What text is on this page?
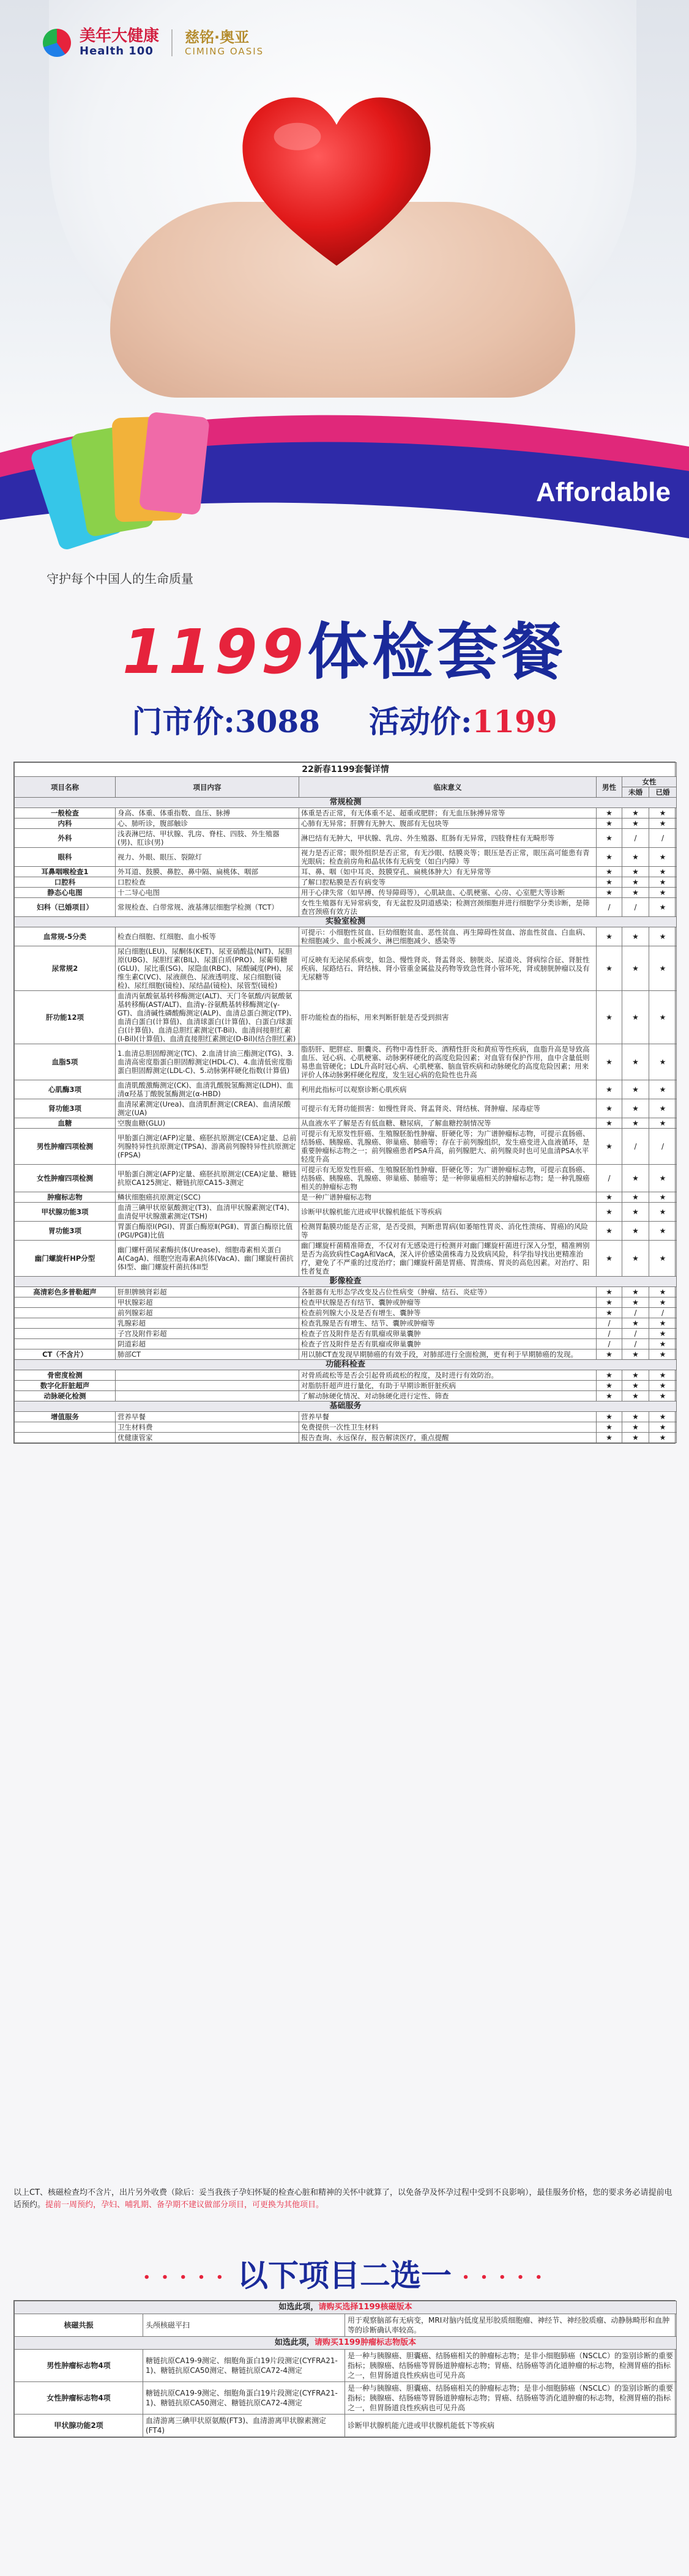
Affordable
美年大健康
Health 100
慈铭·奥亚
CIMING OASIS
守护每个中国人的生命质量
1199体检套餐
门市价:3088 活动价:1199
22新春1199套餐详情					
项目名称	项目内容	临床意义	男性	女性	
				未婚	已婚
常规检测					
一般检查	身高、体重、体重指数、血压、脉搏	体重是否正常，有无体重不足、超重或肥胖；有无血压脉搏异常等	★	★	★
内科	心、肺听诊，腹部触诊	心肺有无异常；肝脾有无肿大、腹部有无包块等	★	★	★
外科	浅表淋巴结、甲状腺、乳房、脊柱、四肢、外生殖器(男)、肛诊(男)	淋巴结有无肿大，甲状腺、乳房、外生殖器、肛肠有无异常，四肢脊柱有无畸形等	★	/	/
眼科	视力、外眼、眼压、裂隙灯	视力是否正常；眼外组织是否正常，有无沙眼、结膜炎等；眼压是否正常，眼压高可能患有青光眼病；检查前房角和晶状体有无病变（如白内障）等	★	★	★
耳鼻咽喉检查1	外耳道、鼓膜、鼻腔、鼻中隔、扁桃体、咽部	耳、鼻、咽（如中耳炎、鼓膜穿孔、扁桃体肿大）有无异常等	★	★	★
口腔科	口腔检查	了解口腔粘膜是否有病变等	★	★	★
静态心电图	十二导心电图	用于心律失常（如早搏、传导障碍等），心肌缺血、心肌梗塞、心房、心室肥大等诊断	★	★	★
妇科（已婚项目）	常规检查、白带常规、液基薄层细胞学检测（TCT）	女性生殖器有无异常病变，有无盆腔及阴道感染；检测宫颈细胞并进行细胞学分类诊断，是筛查宫颈癌有效方法	/	/	★
实验室检测					
血常规-5分类	检查白细胞、红细胞、血小板等	可提示：小细胞性贫血、巨幼细胞贫血、恶性贫血、再生障碍性贫血、溶血性贫血、白血病、粒细胞减少、血小板减少、淋巴细胞减少、感染等	★	★	★
尿常规2	尿白细胞(LEU)、尿酮体(KET)、尿亚硝酸盐(NIT)、尿胆原(UBG)、尿胆红素(BIL)、尿蛋白质(PRO)、尿葡萄糖(GLU)、尿比重(SG)、尿隐血(RBC)、尿酸碱度(PH)、尿维生素C(VC)、尿液颜色、尿液透明度、尿白细胞(镜检)、尿红细胞(镜检)、尿结晶(镜检)、尿管型(镜检)	可反映有无泌尿系病变，如急、慢性肾炎、肾盂肾炎、膀胱炎、尿道炎、肾病综合征、肾脏性疾病、尿路结石、肾结核、肾小管重金属盐及药物等致急性肾小管坏死，肾或膀胱肿瘤以及有无尿糖等	★	★	★
肝功能12项	血清丙氨酸氨基转移酶测定(ALT)、天门冬氨酸/丙氨酸氨基转移酶(AST/ALT)、血清γ-谷氨酰基转移酶测定(γ-GT)、血清碱性磷酸酶测定(ALP)、血清总蛋白测定(TP)、血清白蛋白(计算值)、血清球蛋白(计算值)、白蛋白/球蛋白(计算值)、血清总胆红素测定(T-Bil)、血清间接胆红素(I-Bil)(计算值)、血清直接胆红素测定(D-Bil)(结合胆红素)	肝功能检查的指标，用来判断肝脏是否受到损害	★	★	★
血脂5项	1.血清总胆固醇测定(TC)、2.血清甘油三酯测定(TG)、3.血清高密度脂蛋白胆固醇测定(HDL-C)、4.血清低密度脂蛋白胆固醇测定(LDL-C)、5.动脉粥样硬化指数(计算值)	脂肪肝、肥胖症、胆囊炎、药物中毒性肝炎、酒精性肝炎和黄疸等性疾病，血脂升高是导致高血压、冠心病、心肌梗塞、动脉粥样硬化的高度危险因素；对血管有保护作用，血中含量低则易患血管硬化；LDL升高时冠心病、心肌梗塞、脑血管疾病和动脉硬化的高度危险因素；用来评价人体动脉粥样硬化程度，发生冠心病的危险性也升高	★	★	★
心肌酶3项	血清肌酸激酶测定(CK)、血清乳酸脱氢酶测定(LDH)、血清α羟基丁酸脱氢酶测定(α-HBD)	利用此指标可以观察诊断心肌疾病	★	★	★
肾功能3项	血清尿素测定(Urea)、血清肌酐测定(CREA)、血清尿酸测定(UA)	可提示有无肾功能损害：如慢性肾炎、肾盂肾炎、肾结核、肾肿瘤、尿毒症等	★	★	★
血糖	空腹血糖(GLU)	从血液水平了解是否有低血糖、糖尿病，了解血糖控制情况等	★	★	★
男性肿瘤四项检测	甲胎蛋白测定(AFP)定量、癌胚抗原测定(CEA)定量、总前列腺特异性抗原测定(TPSA)、游离前列腺特异性抗原测定(FPSA)	可提示有无原发性肝癌、生殖腺胚胎性肿瘤、肝硬化等；为广谱肿瘤标志物，可提示直肠癌、结肠癌、胰腺癌、乳腺癌、卵巢癌、肺癌等；存在于前列腺组织，发生癌变进入血液循环，是重要肿瘤标志物之一；前列腺癌患者PSA升高，前列腺肥大、前列腺炎时也可见血清PSA水平轻度升高	★	/	/
女性肿瘤四项检测	甲胎蛋白测定(AFP)定量、癌胚抗原测定(CEA)定量、糖链抗原CA125测定、糖链抗原CA15-3测定	可提示有无原发性肝癌、生殖腺胚胎性肿瘤、肝硬化等；为广谱肿瘤标志物，可提示直肠癌、结肠癌、胰腺癌、乳腺癌、卵巢癌、肺癌等；是一种卵巢癌相关的肿瘤标志物；是一种乳腺癌相关的肿瘤标志物	/	★	★
肿瘤标志物	鳞状细胞癌抗原测定(SCC)	是一种广谱肿瘤标志物	★	★	★
甲状腺功能3项	血清三碘甲状原氨酸测定(T3)、血清甲状腺素测定(T4)、血清促甲状腺激素测定(TSH)	诊断甲状腺机能亢进或甲状腺机能低下等疾病	★	★	★
胃功能3项	胃蛋白酶原Ⅰ(PGⅠ)、胃蛋白酶原Ⅱ(PGⅡ)、胃蛋白酶原比值(PGⅠ/PGⅡ)比值	检测胃黏膜功能是否正常，是否受损，判断患胃病(如萎缩性胃炎、消化性溃疡、胃癌)的风险等	★	★	★
幽门螺旋杆HP分型	幽门螺杆菌尿素酶抗体(Urease)、细胞毒素相关蛋白A(CagA)、细胞空泡毒素A抗体(VacA)、幽门螺旋杆菌抗体I型、幽门螺旋杆菌抗体II型	幽门螺旋杆菌精准筛查，不仅对有无感染进行检测并对幽门螺旋杆菌进行深入分型，精准辨别是否为高致病性CagA和VacA，深入评价感染菌株毒力及致病风险，科学指导找出更精准治疗，避免了不严重的过度治疗；幽门螺旋杆菌是胃癌、胃溃疡、胃炎的高危因素。对治疗、阳性者复查	★	★	★
影像检查					
高清彩色多普勒超声	肝胆脾胰肾彩超	各脏器有无形态学改变及占位性病变（肿瘤、结石、炎症等）	★	★	★
	甲状腺彩超	检查甲状腺是否有结节、囊肿或肿瘤等	★	★	★
	前列腺彩超	检查前列腺大小及是否有增生、囊肿等	★	/	/
	乳腺彩超	检查乳腺是否有增生、结节、囊肿或肿瘤等	/	★	★
	子宫及附件彩超	检查子宫及附件是否有肌瘤或卵巢囊肿	/	/	★
	阴道彩超	检查子宫及附件是否有肌瘤或卵巢囊肿	/	/	★
CT（不含片）	肺部CT	用以肺CT查发现早期肺癌的有效手段，对肺部进行全面检测，更有利于早期肺癌的发现。	★	★	★
功能科检查					
骨密度检测		对骨质疏松等是否会引起骨质疏松的程度，及时进行有效防治。	★	★	★
数字化肝脏超声		对脂肪肝超声进行量化，有助于早期诊断肝脏疾病	★	★	★
动脉硬化检测		了解动脉硬化情况、对动脉硬化进行定性、筛查	★	★	★
基础服务					
增值服务	营养早餐	营养早餐	★	★	★
	卫生材料费	免费提供一次性卫生材料	★	★	★
	优健康管家	报告查询、永远保存，报告解读医疗，重点提醒	★	★	★
以上CT、核磁检查均不含片，出片另外收费（除后：妥当我孩子孕妇怀疑的检查心脏和精神的关怀中就算了，以免备孕及怀孕过程中受到不良影响），最佳服务价格，您的要求务必请提前电话预约。提前一周预约，孕妇、哺乳期、备孕期不建议做部分项目，可更换为其他项目。
• • • • • 以下项目二选一 • • • • •
如选此项，请购买选择1199核磁版本		
核磁共振	头颅核磁平扫	用于观察脑部有无病变，MRI对脑内低度星形胶质细胞瘤、神经节、神经胶质瘤、动静脉畸形和血肿等的诊断确认率较高。
如选此项，请购买1199肿瘤标志物版本		
男性肿瘤标志物4项	糖链抗原CA19-9测定、细胞角蛋白19片段测定(CYFRA21-1)、糖链抗原CA50测定、糖链抗原CA72-4测定	是一种与胰腺癌、胆囊癌、结肠癌相关的肿瘤标志物；是非小细胞肺癌（NSCLC）的鉴别诊断的重要指标；胰腺癌、结肠癌等胃肠道肿瘤标志物；胃癌、结肠癌等消化道肿瘤的标志物，检测胃癌的指标之一，但胃肠道良性疾病也可见升高
女性肿瘤标志物4项	糖链抗原CA19-9测定、细胞角蛋白19片段测定(CYFRA21-1)、糖链抗原CA50测定、糖链抗原CA72-4测定	是一种与胰腺癌、胆囊癌、结肠癌相关的肿瘤标志物；是非小细胞肺癌（NSCLC）的鉴别诊断的重要指标；胰腺癌、结肠癌等胃肠道肿瘤标志物；胃癌、结肠癌等消化道肿瘤的标志物，检测胃癌的指标之一，但胃肠道良性疾病也可见升高
甲状腺功能2项	血清游离三碘甲状原氨酸(FT3)、血清游离甲状腺素测定(FT4)	诊断甲状腺机能亢进或甲状腺机能低下等疾病
